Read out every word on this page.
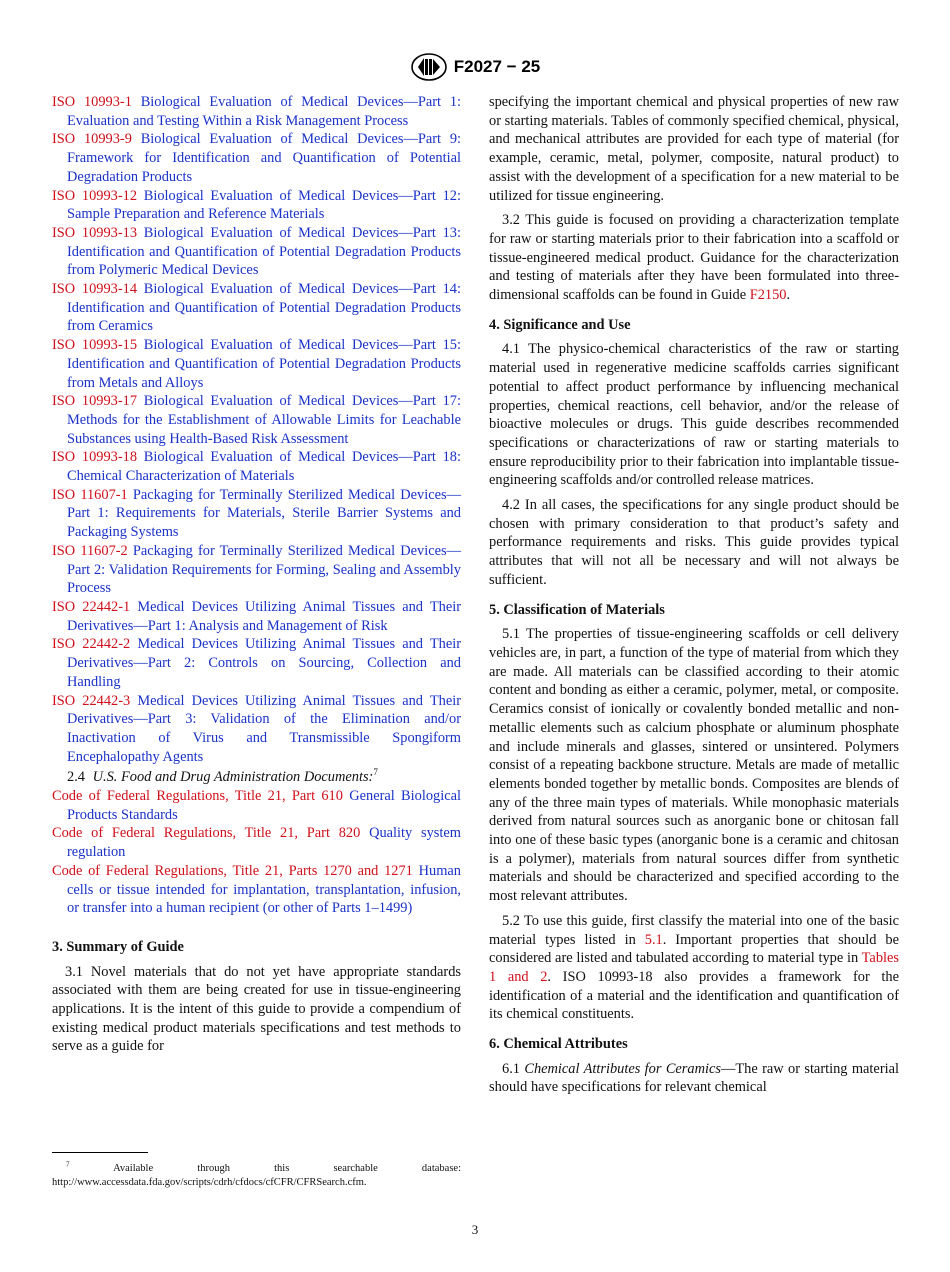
F2027 − 25
ISO 10993-1 Biological Evaluation of Medical Devices—Part 1: Evaluation and Testing Within a Risk Management Process
ISO 10993-9 Biological Evaluation of Medical Devices—Part 9: Framework for Identification and Quantification of Potential Degradation Products
ISO 10993-12 Biological Evaluation of Medical Devices—Part 12: Sample Preparation and Reference Materials
ISO 10993-13 Biological Evaluation of Medical Devices—Part 13: Identification and Quantification of Potential Degradation Products from Polymeric Medical Devices
ISO 10993-14 Biological Evaluation of Medical Devices—Part 14: Identification and Quantification of Potential Degradation Products from Ceramics
ISO 10993-15 Biological Evaluation of Medical Devices—Part 15: Identification and Quantification of Potential Degradation Products from Metals and Alloys
ISO 10993-17 Biological Evaluation of Medical Devices—Part 17: Methods for the Establishment of Allowable Limits for Leachable Substances using Health-Based Risk Assessment
ISO 10993-18 Biological Evaluation of Medical Devices—Part 18: Chemical Characterization of Materials
ISO 11607-1 Packaging for Terminally Sterilized Medical Devices—Part 1: Requirements for Materials, Sterile Barrier Systems and Packaging Systems
ISO 11607-2 Packaging for Terminally Sterilized Medical Devices—Part 2: Validation Requirements for Forming, Sealing and Assembly Process
ISO 22442-1 Medical Devices Utilizing Animal Tissues and Their Derivatives—Part 1: Analysis and Management of Risk
ISO 22442-2 Medical Devices Utilizing Animal Tissues and Their Derivatives—Part 2: Controls on Sourcing, Collection and Handling
ISO 22442-3 Medical Devices Utilizing Animal Tissues and Their Derivatives—Part 3: Validation of the Elimination and/or Inactivation of Virus and Transmissible Spongiform Encephalopathy Agents
2.4 U.S. Food and Drug Administration Documents:$^7$
Code of Federal Regulations, Title 21, Part 610 General Biological Products Standards
Code of Federal Regulations, Title 21, Part 820 Quality system regulation
Code of Federal Regulations, Title 21, Parts 1270 and 1271 Human cells or tissue intended for implantation, transplantation, infusion, or transfer into a human recipient (or other of Parts 1–1499)
3. Summary of Guide
3.1 Novel materials that do not yet have appropriate standards associated with them are being created for use in tissue-engineering applications. It is the intent of this guide to provide a compendium of existing medical product materials specifications and test methods to serve as a guide for
specifying the important chemical and physical properties of new raw or starting materials. Tables of commonly specified chemical, physical, and mechanical attributes are provided for each type of material (for example, ceramic, metal, polymer, composite, natural product) to assist with the development of a specification for a new material to be utilized for tissue engineering.
3.2 This guide is focused on providing a characterization template for raw or starting materials prior to their fabrication into a scaffold or tissue-engineered medical product. Guidance for the characterization and testing of materials after they have been formulated into three-dimensional scaffolds can be found in Guide F2150.
4. Significance and Use
4.1 The physico-chemical characteristics of the raw or starting material used in regenerative medicine scaffolds carries significant potential to affect product performance by influencing mechanical properties, chemical reactions, cell behavior, and/or the release of bioactive molecules or drugs. This guide describes recommended specifications or characterizations of raw or starting materials to ensure reproducibility prior to their fabrication into implantable tissue-engineering scaffolds and/or controlled release matrices.
4.2 In all cases, the specifications for any single product should be chosen with primary consideration to that product’s safety and performance requirements and risks. This guide provides typical attributes that will not all be necessary and will not always be sufficient.
5. Classification of Materials
5.1 The properties of tissue-engineering scaffolds or cell delivery vehicles are, in part, a function of the type of material from which they are made. All materials can be classified according to their atomic content and bonding as either a ceramic, polymer, metal, or composite. Ceramics consist of ionically or covalently bonded metallic and non-metallic elements such as calcium phosphate or aluminum phosphate and include minerals and glasses, sintered or unsintered. Polymers consist of a repeating backbone structure. Metals are made of metallic elements bonded together by metallic bonds. Composites are blends of any of the three main types of materials. While monophasic materials derived from natural sources such as anorganic bone or chitosan fall into one of these basic types (anorganic bone is a ceramic and chitosan is a polymer), materials from natural sources differ from synthetic materials and should be characterized and specified according to the most relevant attributes.
5.2 To use this guide, first classify the material into one of the basic material types listed in 5.1. Important properties that should be considered are listed and tabulated according to material type in Tables 1 and 2. ISO 10993-18 also provides a framework for the identification of a material and the identification and quantification of its chemical constituents.
6. Chemical Attributes
6.1 Chemical Attributes for Ceramics—The raw or starting material should have specifications for relevant chemical
$^7$ Available through this searchable database: http://www.accessdata.fda.gov/scripts/cdrh/cfdocs/cfCFR/CFRSearch.cfm.
3
